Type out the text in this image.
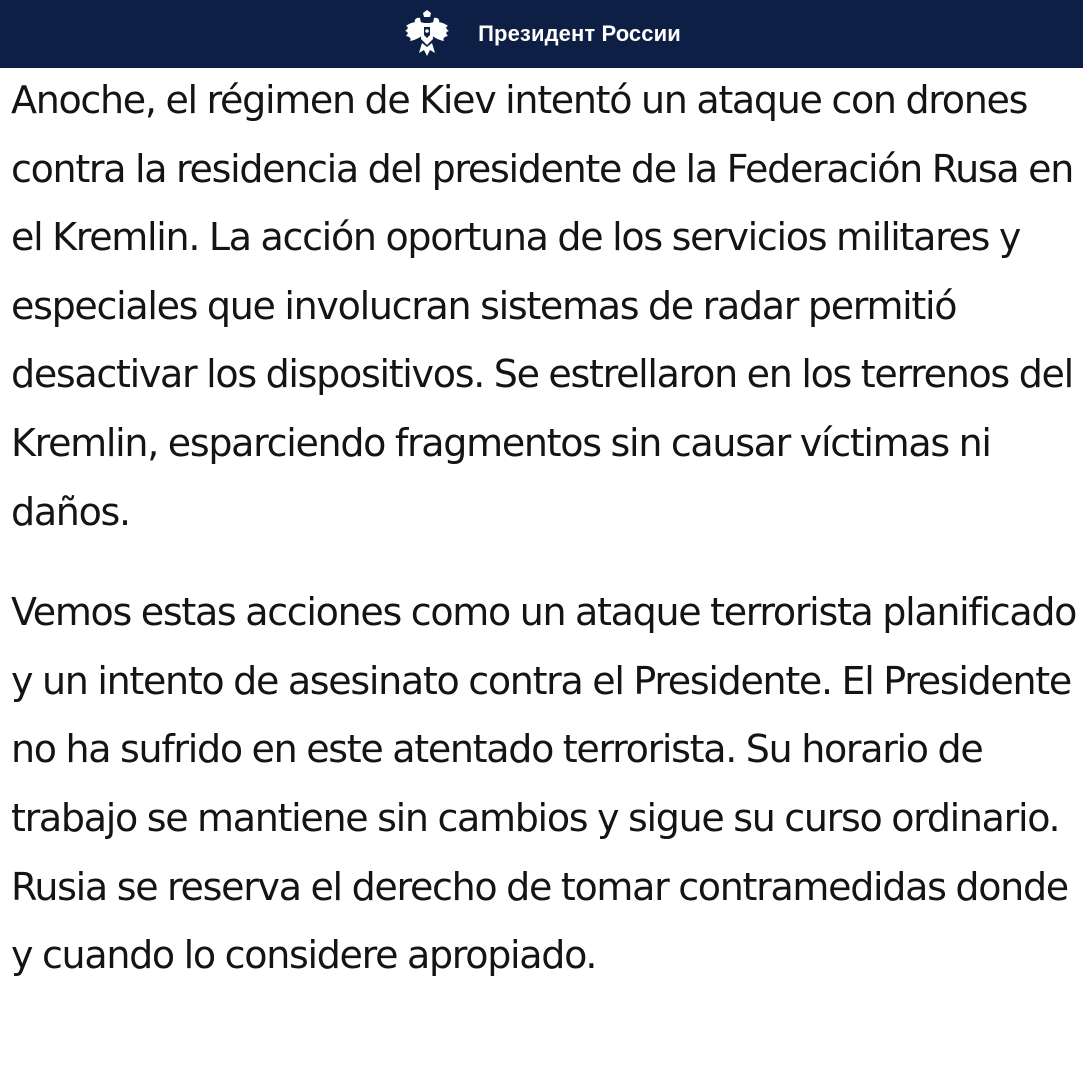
Президент России

Anoche, el régimen de Kiev intentó un ataque con drones contra la residencia del presidente de la Federación Rusa en el Kremlin. La acción oportuna de los servicios militares y especiales que involucran sistemas de radar permitió desactivar los dispositivos. Se estrellaron en los terrenos del Kremlin, esparciendo fragmentos sin causar víctimas ni daños.

Vemos estas acciones como un ataque terrorista planificado y un intento de asesinato contra el Presidente. El Presidente no ha sufrido en este atentado terrorista. Su horario de trabajo se mantiene sin cambios y sigue su curso ordinario. Rusia se reserva el derecho de tomar contramedidas donde y cuando lo considere apropiado.
